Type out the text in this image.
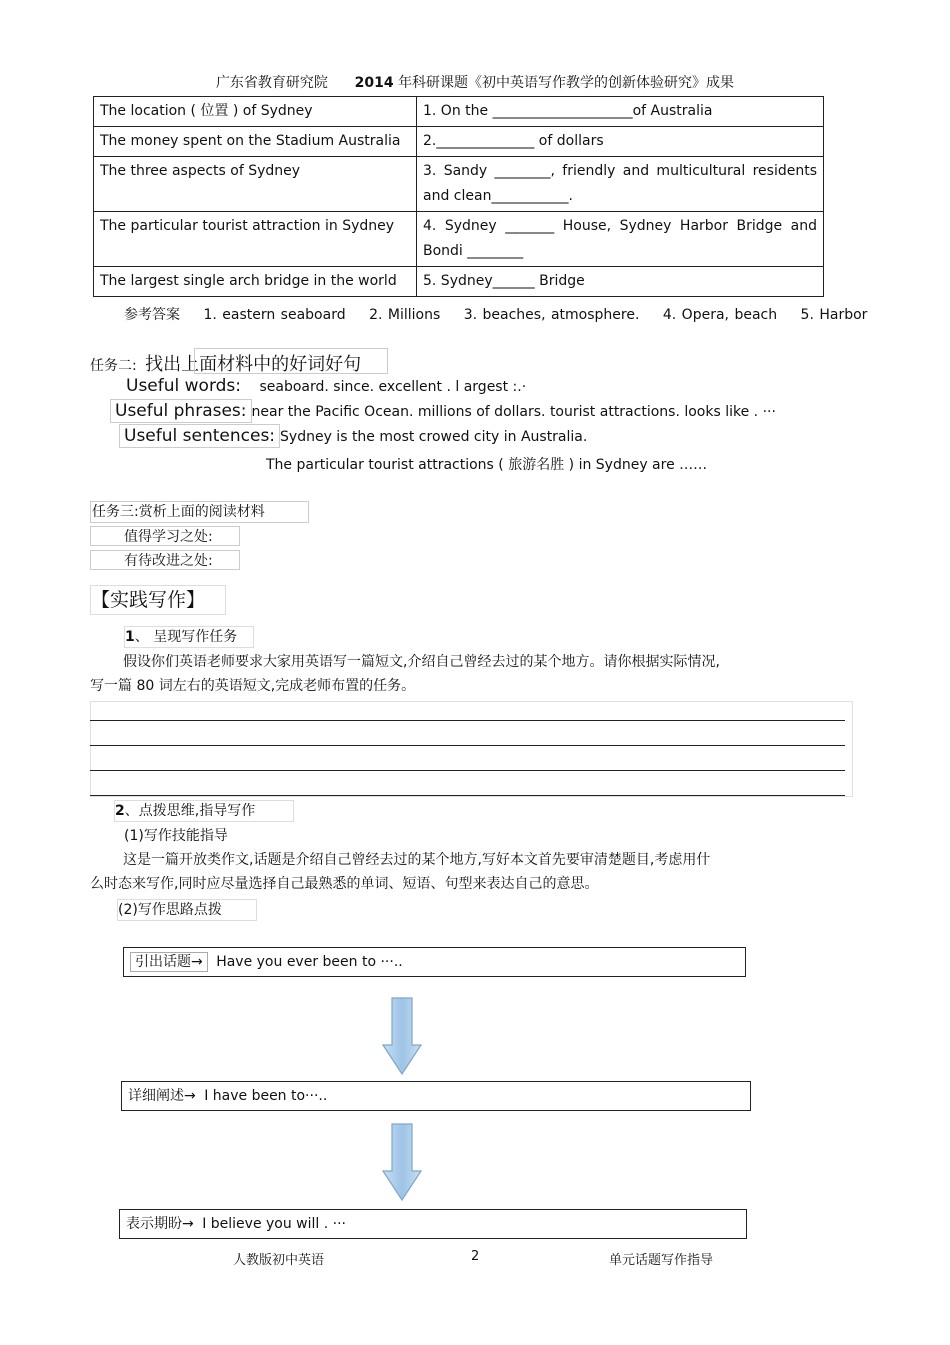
广东省教育研究院 2014 年科研课题《初中英语写作教学的创新体验研究》成果
The location ( 位置 ) of Sydney	1. On the ____________________of Australia
The money spent on the Stadium Australia	2.______________ of dollars
The three aspects of Sydney	3. Sandy ________, friendly and multicultural residents and clean___________.
The particular tourist attraction in Sydney	4. Sydney _______ House, Sydney Harbor Bridge and Bondi ________
The largest single arch bridge in the world	5. Sydney______ Bridge
参考答案 1. eastern seaboard 2. Millions 3. beaches, atmosphere. 4. Opera, beach 5. Harbor
任务二: 找出上面材料中的好词好句
Useful words: seaboard. since. excellent . l argest :.·
Useful phrases: near the Pacific Ocean. millions of dollars. tourist attractions. looks like . ···
Useful sentences: Sydney is the most crowed city in Australia.
The particular tourist attractions ( 旅游名胜 ) in Sydney are ……
任务三:赏析上面的阅读材料
值得学习之处:
有待改进之处:
【实践写作】
1、 呈现写作任务
假设你们英语老师要求大家用英语写一篇短文,介绍自己曾经去过的某个地方。请你根据实际情况,
写一篇 80 词左右的英语短文,完成老师布置的任务。
2、点拨思维,指导写作
(1)写作技能指导
这是一篇开放类作文,话题是介绍自己曾经去过的某个地方,写好本文首先要审清楚题目,考虑用什
么时态来写作,同时应尽量选择自己最熟悉的单词、短语、句型来表达自己的意思。
(2)写作思路点拨
引出话题→ Have you ever been to ···..
详细阐述→ I have been to···..
表示期盼→ I believe you will . ···
人教版初中英语	2	单元话题写作指导
